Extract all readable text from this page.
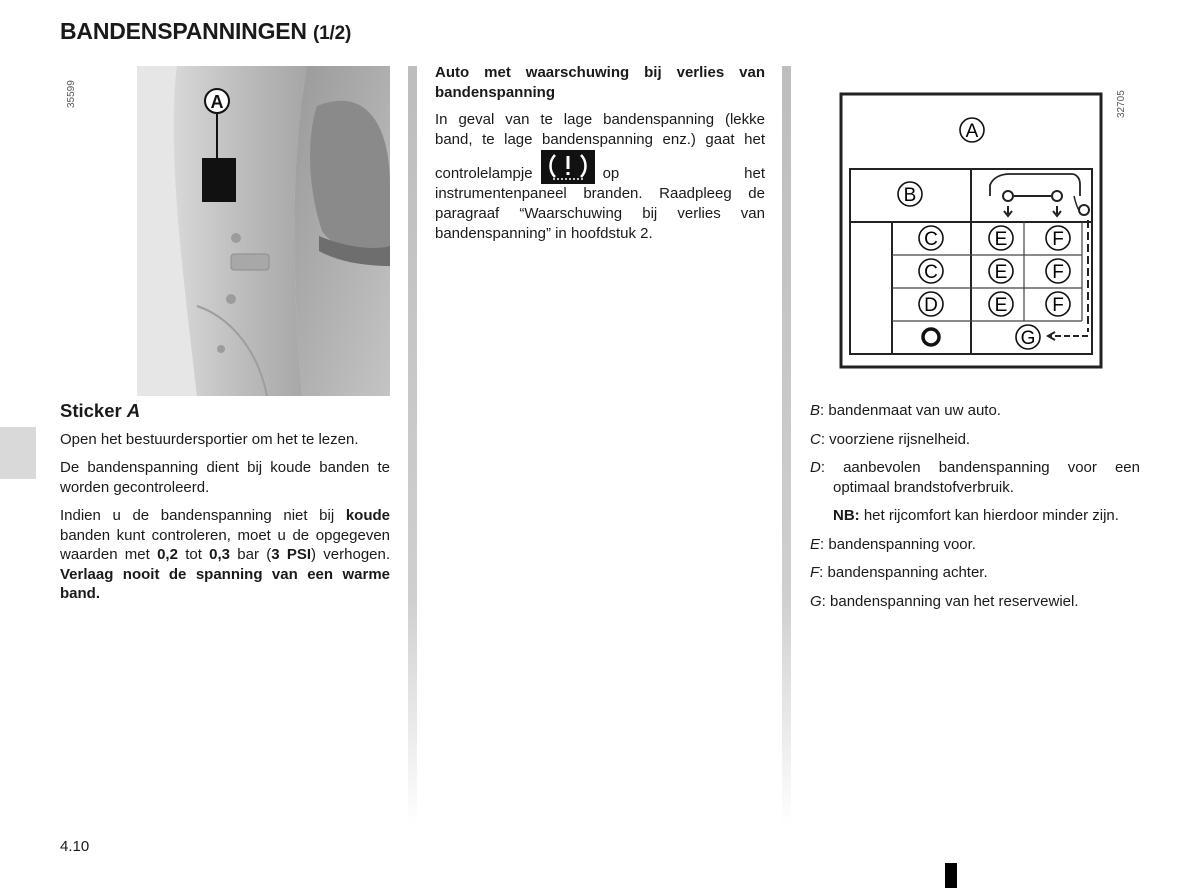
BANDENSPANNINGEN (1/2)
35599	A

Sticker A

Open het bestuurdersportier om het te lezen.

De bandenspanning dient bij koude banden te worden gecontroleerd.

Indien u de bandenspanning niet bij koude banden kunt controleren, moet u de opgegeven waarden met 0,2 tot 0,3 bar (3 PSI) verhogen. Verlaag nooit de spanning van een warme band.

Auto met waarschuwing bij verlies van bandenspanning

In geval van te lage bandenspanning (lekke band, te lage bandenspanning enz.) gaat het controlelampje	op het instrumentenpaneel branden. Raadpleeg de paragraaf “Waarschuwing bij verlies van bandenspanning” in hoofdstuk 2.

32705
A
B
C	E F
C	E F
D	E F
G

B: bandenmaat van uw auto.

C: voorziene rijsnelheid.

D: aanbevolen bandenspanning voor een optimaal brandstofverbruik.

NB: het rijcomfort kan hierdoor minder zijn.

E: bandenspanning voor.

F: bandenspanning achter.

G: bandenspanning van het reservewiel.

4.10
